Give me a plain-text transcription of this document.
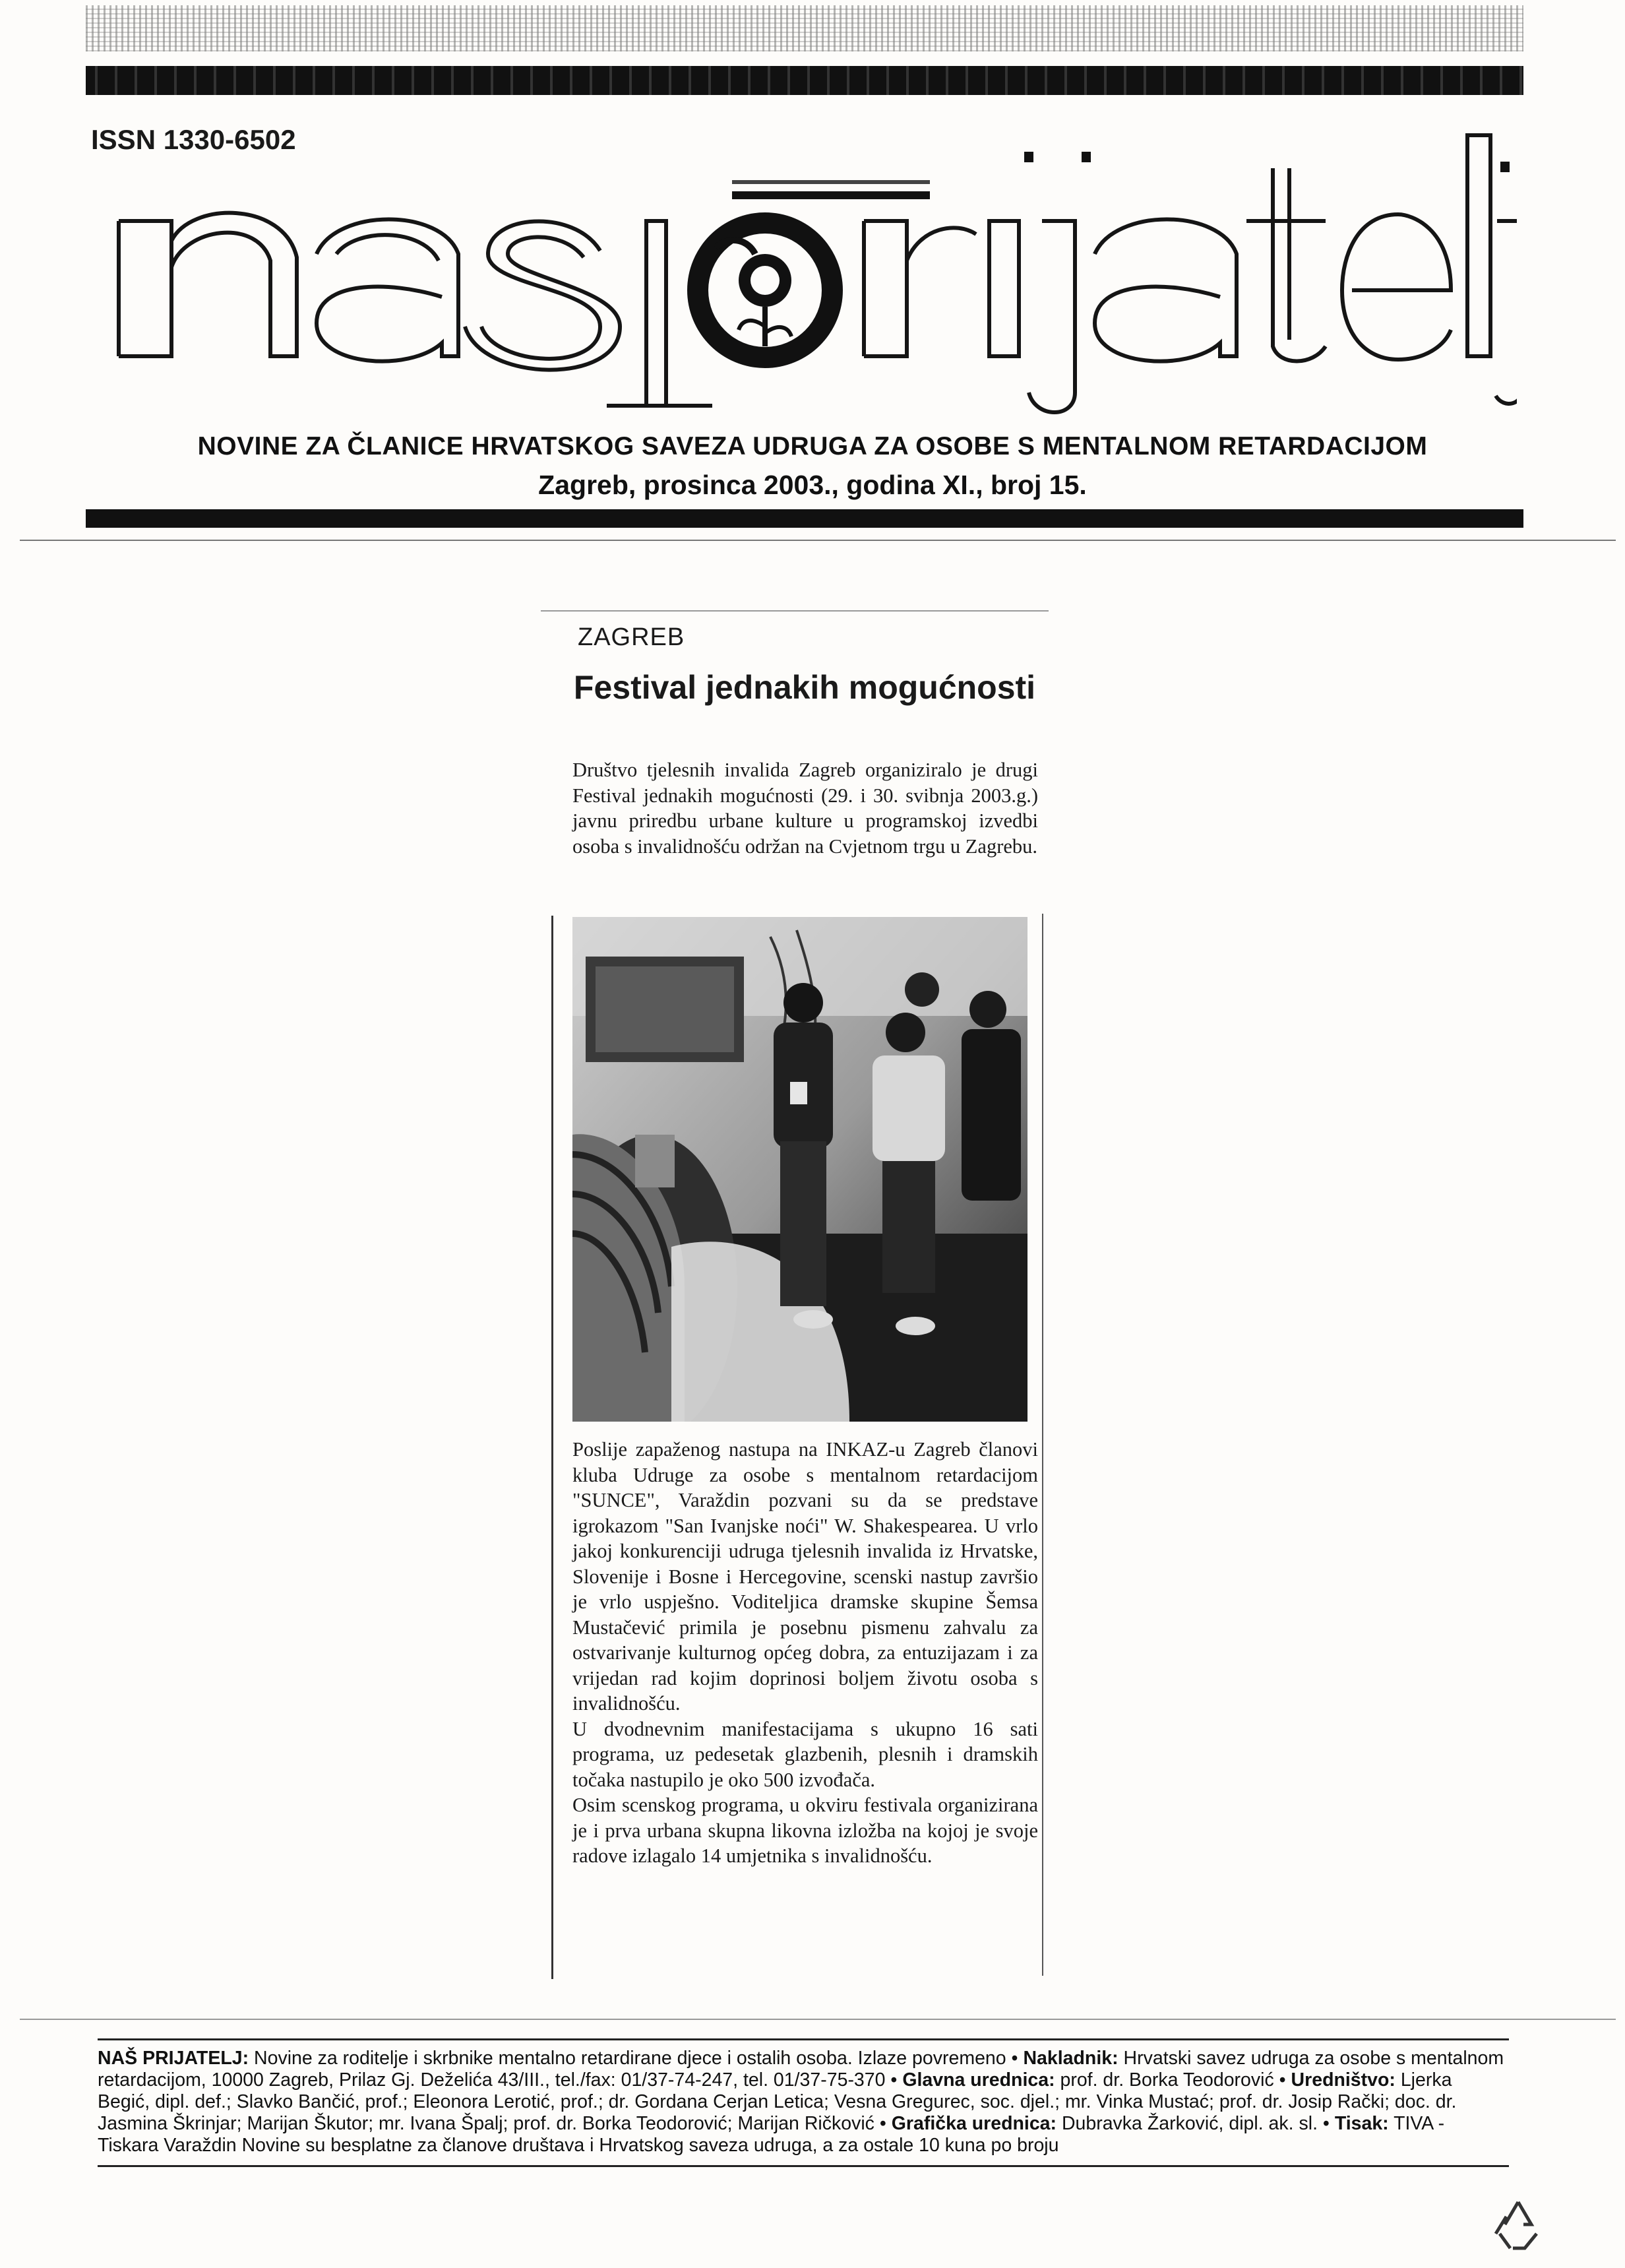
ISSN 1330-6502
NOVINE ZA ČLANICE HRVATSKOG SAVEZA UDRUGA ZA OSOBE S MENTALNOM RETARDACIJOM
Zagreb, prosinca 2003., godina XI., broj 15.
ZAGREB
Festival jednakih mogućnosti
Društvo tjelesnih invalida Zagreb organiziralo je drugi Festival jednakih mogućnosti (29. i 30. svibnja 2003.g.) javnu priredbu urbane kulture u programskoj izvedbi osoba s invalidnošću održan na Cvjetnom trgu u Zagrebu.

Poslije zapaženog nastupa na INKAZ-u Zagreb članovi kluba Udruge za osobe s mentalnom retardacijom "SUNCE", Varaždin pozvani su da se predstave igrokazom "San Ivanjske noći" W. Shakespearea. U vrlo jakoj konkurenciji udruga tjelesnih invalida iz Hrvatske, Slovenije i Bosne i Hercegovine, scenski nastup završio je vrlo uspješno. Voditeljica dramske skupine Šemsa Mustačević primila je posebnu pismenu zahvalu za ostvarivanje kulturnog općeg dobra, za entuzijazam i za vrijedan rad kojim doprinosi boljem životu osoba s invalidnošću.

U dvodnevnim manifestacijama s ukupno 16 sati programa, uz pedesetak glazbenih, plesnih i dramskih točaka nastupilo je oko 500 izvođača.

Osim scenskog programa, u okviru festivala organizirana je i prva urbana skupna likovna izložba na kojoj je svoje radove izlagalo 14 umjetnika s invalidnošću.

NAŠ PRIJATELJ: Novine za roditelje i skrbnike mentalno retardirane djece i ostalih osoba. Izlaze povremeno • Nakladnik: Hrvatski savez udruga za osobe s mentalnom retardacijom, 10000 Zagreb, Prilaz Gj. Deželića 43/III., tel./fax: 01/37-74-247, tel. 01/37-75-370 • Glavna urednica: prof. dr. Borka Teodorović • Uredništvo: Ljerka Begić, dipl. def.; Slavko Bančić, prof.; Eleonora Lerotić, prof.; dr. Gordana Cerjan Letica; Vesna Gregurec, soc. djel.; mr. Vinka Mustać; prof. dr. Josip Rački; doc. dr. Jasmina Škrinjar; Marijan Škutor; mr. Ivana Špalj; prof. dr. Borka Teodorović; Marijan Ričković • Grafička urednica: Dubravka Žarković, dipl. ak. sl. • Tisak: TIVA - Tiskara Varaždin Novine su besplatne za članove društava i Hrvatskog saveza udruga, a za ostale 10 kuna po broju
